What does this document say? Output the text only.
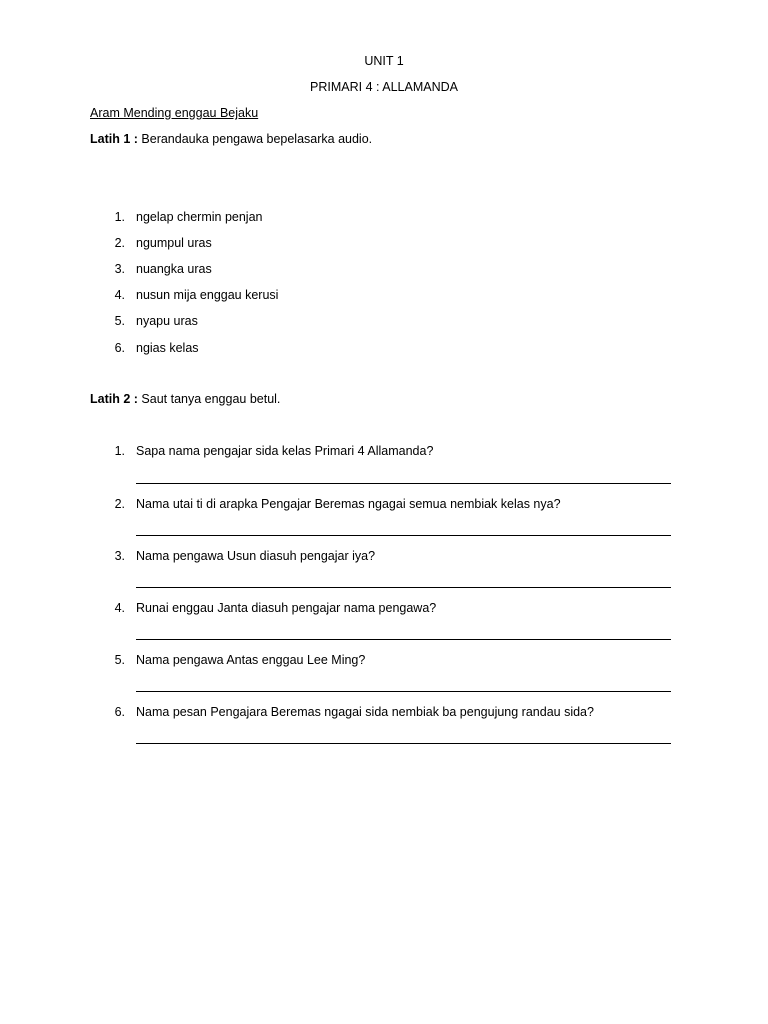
UNIT 1
PRIMARI 4 : ALLAMANDA
Aram Mending enggau Bejaku
Latih 1 : Berandauka pengawa bepelasarka audio.
1. ngelap chermin penjan
2. ngumpul uras
3. nuangka uras
4. nusun mija enggau kerusi
5. nyapu uras
6. ngias kelas
Latih 2 : Saut tanya enggau betul.
1. Sapa nama pengajar sida kelas Primari 4 Allamanda?
2. Nama utai ti di arapka Pengajar Beremas ngagai semua nembiak kelas nya?
3. Nama pengawa Usun diasuh pengajar iya?
4. Runai enggau Janta diasuh pengajar nama pengawa?
5. Nama pengawa Antas enggau Lee Ming?
6. Nama pesan Pengajara Beremas ngagai sida nembiak ba pengujung randau sida?
